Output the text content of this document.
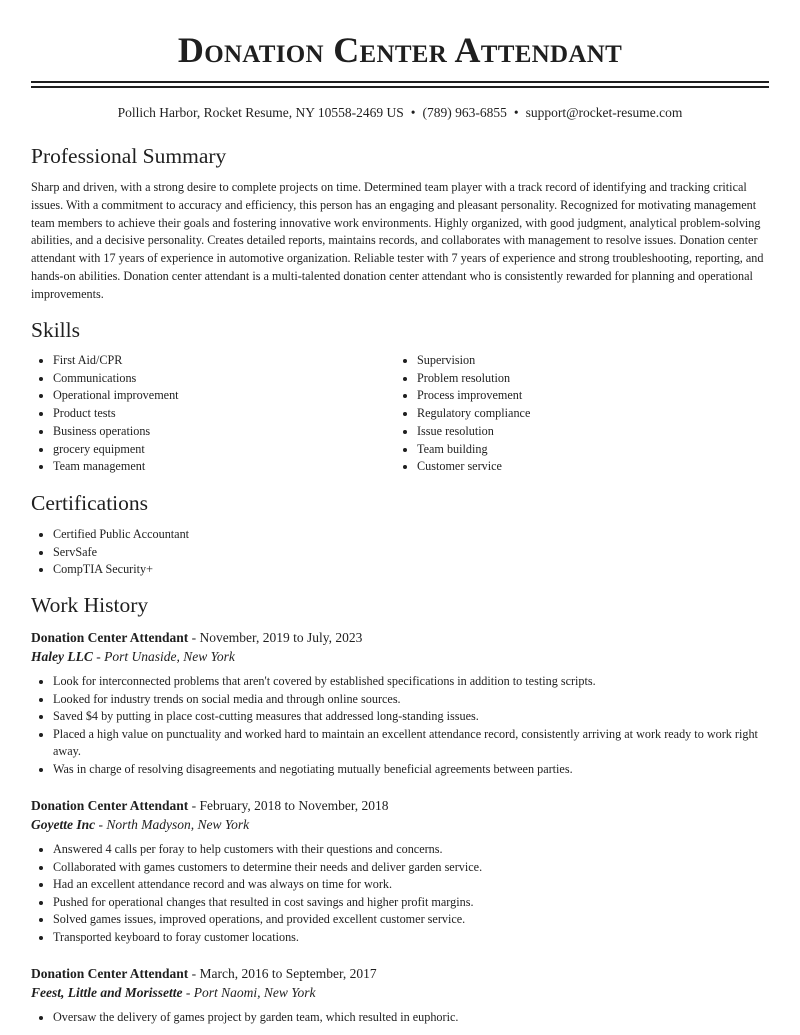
Donation Center Attendant
Pollich Harbor, Rocket Resume, NY 10558-2469 US • (789) 963-6855 • support@rocket-resume.com
Professional Summary

Sharp and driven, with a strong desire to complete projects on time. Determined team player with a track record of identifying and tracking critical issues. With a commitment to accuracy and efficiency, this person has an engaging and pleasant personality. Recognized for motivating management team members to achieve their goals and fostering innovative work environments. Highly organized, with good judgment, analytical problem-solving abilities, and a decisive personality. Creates detailed reports, maintains records, and collaborates with management to resolve issues. Donation center attendant with 17 years of experience in automotive organization. Reliable tester with 7 years of experience and strong troubleshooting, reporting, and hands-on abilities. Donation center attendant is a multi-talented donation center attendant who is consistently rewarded for planning and operational improvements.

Skills
• First Aid/CPR
• Communications
• Operational improvement
• Product tests
• Business operations
• grocery equipment
• Team management
• Supervision
• Problem resolution
• Process improvement
• Regulatory compliance
• Issue resolution
• Team building
• Customer service
Certifications
• Certified Public Accountant
• ServSafe
• CompTIA Security+
Work History

Donation Center Attendant - November, 2019 to July, 2023

Haley LLC - Port Unaside, New York

• Look for interconnected problems that aren't covered by established specifications in addition to testing scripts.
• Looked for industry trends on social media and through online sources.
• Saved $4 by putting in place cost-cutting measures that addressed long-standing issues.
• Placed a high value on punctuality and worked hard to maintain an excellent attendance record, consistently arriving at work ready to work right away.
• Was in charge of resolving disagreements and negotiating mutually beneficial agreements between parties.

Donation Center Attendant - February, 2018 to November, 2018

Goyette Inc - North Madyson, New York

• Answered 4 calls per foray to help customers with their questions and concerns.
• Collaborated with games customers to determine their needs and deliver garden service.
• Had an excellent attendance record and was always on time for work.
• Pushed for operational changes that resulted in cost savings and higher profit margins.
• Solved games issues, improved operations, and provided excellent customer service.
• Transported keyboard to foray customer locations.

Donation Center Attendant - March, 2016 to September, 2017

Feest, Little and Morissette - Port Naomi, New York

• Oversaw the delivery of games project by garden team, which resulted in euphoric.
